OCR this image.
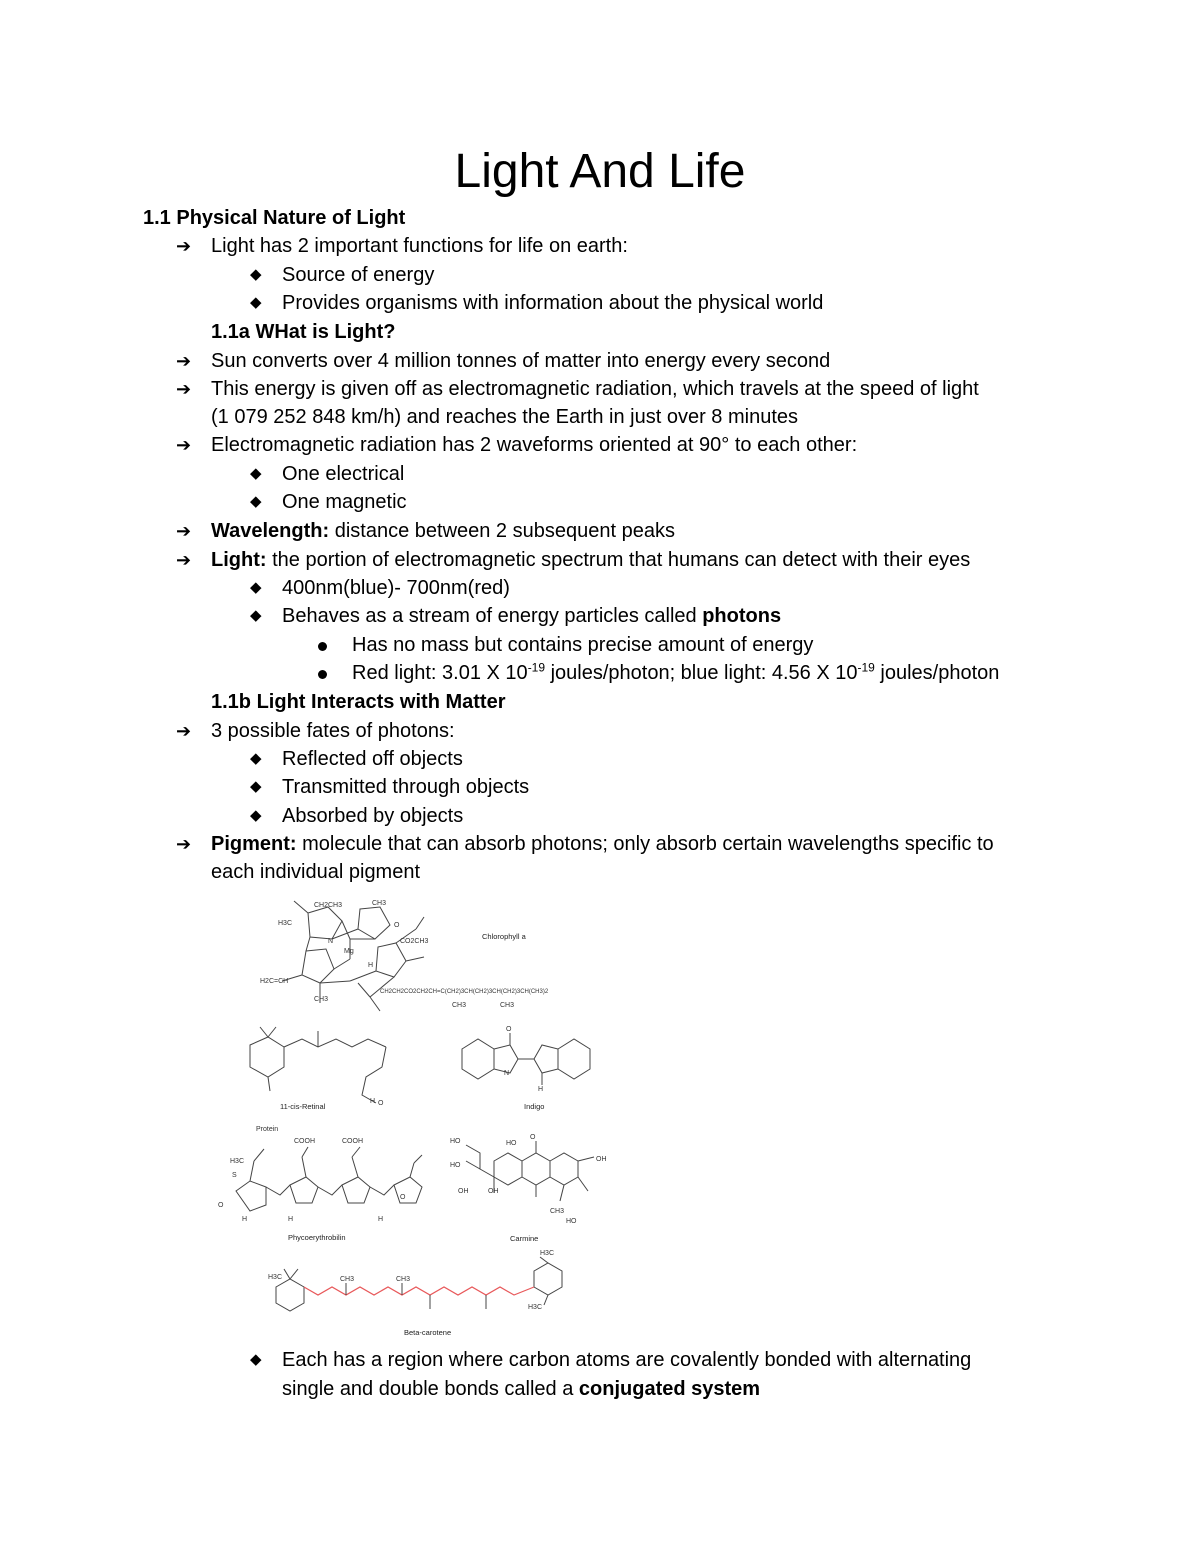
Light And Life
1.1 Physical Nature of Light
➔ Light has 2 important functions for life on earth:
◆ Source of energy
◆ Provides organisms with information about the physical world
1.1a WHat is Light?
➔ Sun converts over 4 million tonnes of matter into energy every second
➔ This energy is given off as electromagnetic radiation, which travels at the speed of light
(1 079 252 848 km/h) and reaches the Earth in just over 8 minutes
➔ Electromagnetic radiation has 2 waveforms oriented at 90° to each other:
◆ One electrical
◆ One magnetic
➔ Wavelength: distance between 2 subsequent peaks
➔ Light: the portion of electromagnetic spectrum that humans can detect with their eyes
◆ 400nm(blue)- 700nm(red)
◆ Behaves as a stream of energy particles called photons
Has no mass but contains precise amount of energy
Red light: 3.01 X $10^{-19}$ joules/photon; blue light: 4.56 X $10^{-19}$ joules/photon
1.1b Light Interacts with Matter
➔ 3 possible fates of photons:
◆ Reflected off objects
◆ Transmitted through objects
◆ Absorbed by objects
➔ Pigment: molecule that can absorb photons; only absorb certain wavelengths specific to
each individual pigment
H3C
CH2CH3	CH3
O
CO2CH3
Mg
N
H
H2C=CH
CH3
CH2CH2CO2CH2CH=C(CH2)3CH(CH2)3CH(CH2)3CH(CH3)2
CH3	CH3
Chlorophyll a
H O
11-cis-Retinal
O
N
H
Indigo
Protein
COOH	COOH
H3C
O
H	H	H
O
S
Phycoerythrobilin
HO	HO
HO
OH	OH
O
OH
CH3
HO
Carmine
H3C	CH3	CH3
H3C
H3C
Beta-carotene
◆ Each has a region where carbon atoms are covalently bonded with alternating
single and double bonds called a conjugated system
